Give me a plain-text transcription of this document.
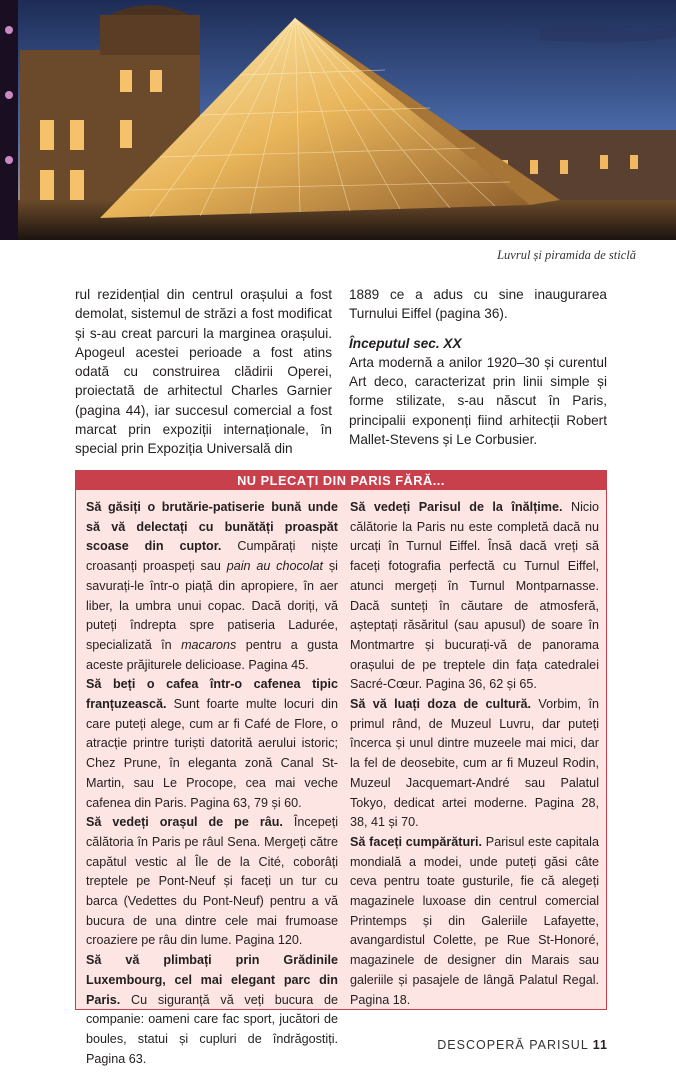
Luvrul și piramida de sticlă

rul rezidențial din centrul orașului a fost demolat, sistemul de străzi a fost modificat și s-au creat parcuri la marginea orașului. Apogeul acestei perioade a fost atins odată cu construirea clădirii Operei, proiectată de arhitectul Charles Garnier (pagina 44), iar succesul comercial a fost marcat prin expoziții internaționale, în special prin Expoziția Universală din

1889 ce a adus cu sine inaugurarea Turnului Eiffel (pagina 36).

Începutul sec. XX

Arta modernă a anilor 1920–30 și curentul Art deco, caracterizat prin linii simple și forme stilizate, s-au născut în Paris, principalii exponenți fiind arhitecții Robert Mallet-Stevens și Le Corbusier.

NU PLECAȚI DIN PARIS FĂRĂ...

Să găsiți o brutărie-patiserie bună unde să vă delectați cu bunătăți proaspăt scoase din cuptor. Cumpărați niște croasanți proaspeți sau pain au chocolat și savurați-le într-o piață din apropiere, în aer liber, la umbra unui copac. Dacă doriți, vă puteți îndrepta spre patiseria Ladurée, specializată în macarons pentru a gusta aceste prăjiturele delicioase. Pagina 45.

Să beți o cafea într-o cafenea tipic franțuzească. Sunt foarte multe locuri din care puteți alege, cum ar fi Café de Flore, o atracție printre turiști datorită aerului istoric; Chez Prune, în eleganta zonă Canal St-Martin, sau Le Procope, cea mai veche cafenea din Paris. Pagina 63, 79 și 60.

Să vedeți orașul de pe râu. Începeți călătoria în Paris pe râul Sena. Mergeți către capătul vestic al Île de la Cité, coborâți treptele pe Pont-Neuf și faceți un tur cu barca (Vedettes du Pont-Neuf) pentru a vă bucura de una dintre cele mai frumoase croaziere pe râu din lume. Pagina 120.

Să vă plimbați prin Grădinile Luxembourg, cel mai elegant parc din Paris. Cu siguranță vă veți bucura de companie: oameni care fac sport, jucători de boules, statui și cupluri de îndrăgostiți. Pagina 63.

Să vedeți Parisul de la înălțime. Nicio călătorie la Paris nu este completă dacă nu urcați în Turnul Eiffel. Însă dacă vreți să faceți fotografia perfectă cu Turnul Eiffel, atunci mergeți în Turnul Montparnasse. Dacă sunteți în căutare de atmosferă, așteptați răsăritul (sau apusul) de soare în Montmartre și bucurați-vă de panorama orașului de pe treptele din fața catedralei Sacré-Cœur. Pagina 36, 62 și 65.

Să vă luați doza de cultură. Vorbim, în primul rând, de Muzeul Luvru, dar puteți încerca și unul dintre muzeele mai mici, dar la fel de deosebite, cum ar fi Muzeul Rodin, Muzeul Jacquemart-André sau Palatul Tokyo, dedicat artei moderne. Pagina 28, 38, 41 și 70.

Să faceți cumpărături. Parisul este capitala mondială a modei, unde puteți găsi câte ceva pentru toate gusturile, fie că alegeți magazinele luxoase din centrul comercial Printemps și din Galeriile Lafayette, avangardistul Colette, pe Rue St-Honoré, magazinele de designer din Marais sau galeriile și pasajele de lângă Palatul Regal. Pagina 18.

DESCOPERĂ PARISUL 11
